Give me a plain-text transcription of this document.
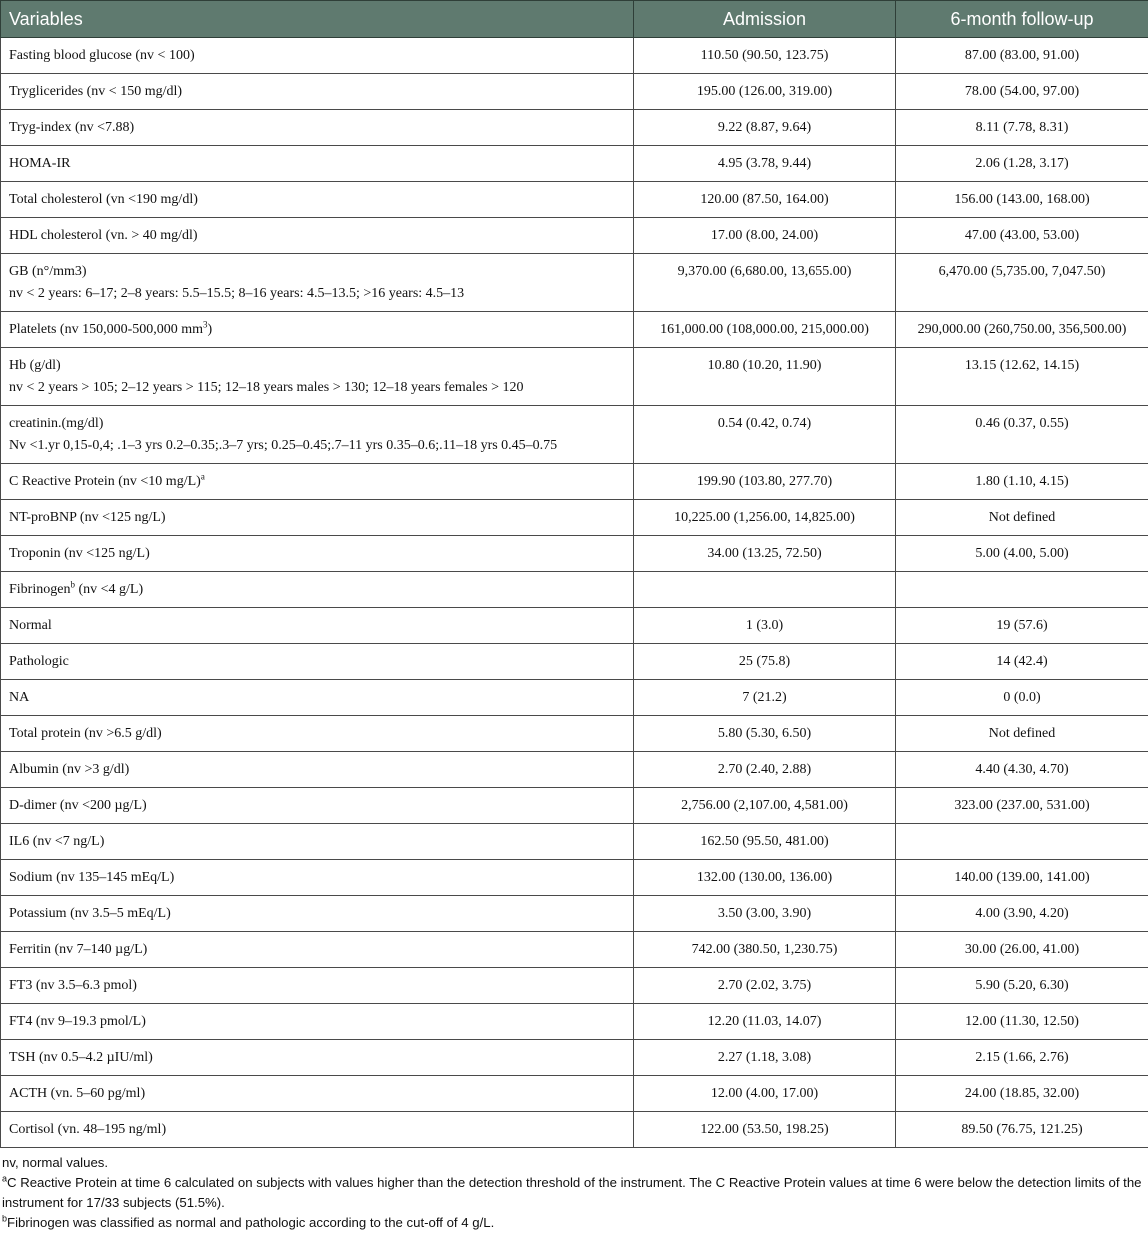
Variables	Admission	6-month follow-up
Fasting blood glucose (nv < 100)	110.50 (90.50, 123.75)	87.00 (83.00, 91.00)
Tryglicerides (nv < 150 mg/dl)	195.00 (126.00, 319.00)	78.00 (54.00, 97.00)
Tryg-index (nv <7.88)	9.22 (8.87, 9.64)	8.11 (7.78, 8.31)
HOMA-IR	4.95 (3.78, 9.44)	2.06 (1.28, 3.17)
Total cholesterol (vn <190 mg/dl)	120.00 (87.50, 164.00)	156.00 (143.00, 168.00)
HDL cholesterol (vn. > 40 mg/dl)	17.00 (8.00, 24.00)	47.00 (43.00, 53.00)
GB (n°/mm3)
nv < 2 years: 6–17; 2–8 years: 5.5–15.5; 8–16 years: 4.5–13.5; >16 years: 4.5–13	9,370.00 (6,680.00, 13,655.00)	6,470.00 (5,735.00, 7,047.50)
Platelets (nv 150,000-500,000 $mm^3$)	161,000.00 (108,000.00, 215,000.00)	290,000.00 (260,750.00, 356,500.00)
Hb (g/dl)
nv < 2 years > 105; 2–12 years > 115; 12–18 years males > 130; 12–18 years females > 120	10.80 (10.20, 11.90)	13.15 (12.62, 14.15)
creatinin.(mg/dl)
Nv <1.yr 0,15-0,4; .1–3 yrs 0.2–0.35;.3–7 yrs; 0.25–0.45;.7–11 yrs 0.35–0.6;.11–18 yrs 0.45–0.75	0.54 (0.42, 0.74)	0.46 (0.37, 0.55)
C Reactive Protein (nv <10 mg/L)$^a$	199.90 (103.80, 277.70)	1.80 (1.10, 4.15)
NT-proBNP (nv <125 ng/L)	10,225.00 (1,256.00, 14,825.00)	Not defined
Troponin (nv <125 ng/L)	34.00 (13.25, 72.50)	5.00 (4.00, 5.00)
Fibrinogen$^b$ (nv <4 g/L)		
Normal	1 (3.0)	19 (57.6)
Pathologic	25 (75.8)	14 (42.4)
NA	7 (21.2)	0 (0.0)
Total protein (nv >6.5 g/dl)	5.80 (5.30, 6.50)	Not defined
Albumin (nv >3 g/dl)	2.70 (2.40, 2.88)	4.40 (4.30, 4.70)
D-dimer (nv <200 µg/L)	2,756.00 (2,107.00, 4,581.00)	323.00 (237.00, 531.00)
IL6 (nv <7 ng/L)	162.50 (95.50, 481.00)	
Sodium (nv 135–145 mEq/L)	132.00 (130.00, 136.00)	140.00 (139.00, 141.00)
Potassium (nv 3.5–5 mEq/L)	3.50 (3.00, 3.90)	4.00 (3.90, 4.20)
Ferritin (nv 7–140 µg/L)	742.00 (380.50, 1,230.75)	30.00 (26.00, 41.00)
FT3 (nv 3.5–6.3 pmol)	2.70 (2.02, 3.75)	5.90 (5.20, 6.30)
FT4 (nv 9–19.3 pmol/L)	12.20 (11.03, 14.07)	12.00 (11.30, 12.50)
TSH (nv 0.5–4.2 µIU/ml)	2.27 (1.18, 3.08)	2.15 (1.66, 2.76)
ACTH (vn. 5–60 pg/ml)	12.00 (4.00, 17.00)	24.00 (18.85, 32.00)
Cortisol (vn. 48–195 ng/ml)	122.00 (53.50, 198.25)	89.50 (76.75, 121.25)

nv, normal values.

$^a$C Reactive Protein at time 6 calculated on subjects with values higher than the detection threshold of the instrument. The C Reactive Protein values at time 6 were below the detection limits of the instrument for 17/33 subjects (51.5%).

$^b$Fibrinogen was classified as normal and pathologic according to the cut-off of 4 g/L.
